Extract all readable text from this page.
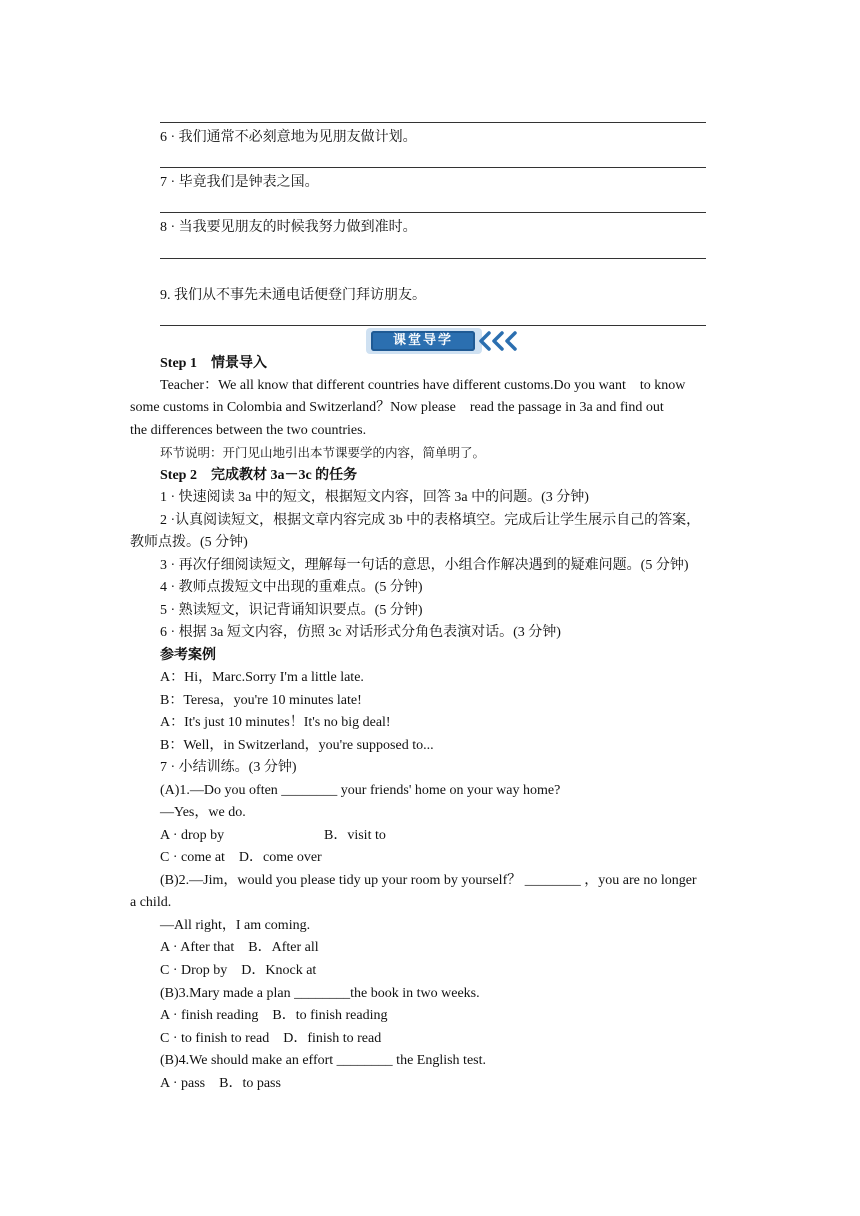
6 · 我们通常不必刻意地为见朋友做计划。
7 · 毕竟我们是钟表之国。
8 · 当我要见朋友的时候我努力做到准时。
9. 我们从不事先未通电话便登门拜访朋友。
课堂导学
Step 1　情景导入
Teacher：We all know that different countries have different customs.Do you want　to know
some customs in Colombia and Switzerland？Now please　read the passage in 3a and find out
the differences between the two countries.
环节说明：开门见山地引出本节课要学的内容，简单明了。
Step 2　完成教材 3a－3c 的任务
1 · 快速阅读 3a 中的短文，根据短文内容，回答 3a 中的问题。(3 分钟)
2 ·认真阅读短文，根据文章内容完成 3b 中的表格填空。完成后让学生展示自己的答案，
教师点拨。(5 分钟)
3 · 再次仔细阅读短文，理解每一句话的意思，小组合作解决遇到的疑难问题。(5 分钟)
4 · 教师点拨短文中出现的重难点。(5 分钟)
5 · 熟读短文，识记背诵知识要点。(5 分钟)
6 · 根据 3a 短文内容，仿照 3c 对话形式分角色表演对话。(3 分钟)
参考案例
A：Hi，Marc.Sorry I'm a little late.
B：Teresa，you're 10 minutes late!
A：It's just 10 minutes！It's no big deal!
B：Well，in Switzerland，you're supposed to...
7 · 小结训练。(3 分钟)
(A)1.—Do you often ________ your friends' home on your way home?
—Yes，we do.
A · drop by	B．visit to
C · come at　D．come over
(B)2.—Jim，would you please tidy up your room by yourself？ ________ ，you are no longer
a child.
—All right，I am coming.
A · After that　B．After all
C · Drop by　D．Knock at
(B)3.Mary made a plan ________the book in two weeks.
A · finish reading　B．to finish reading
C · to finish to read　D．finish to read
(B)4.We should make an effort ________ the English test.
A · pass　B．to pass
